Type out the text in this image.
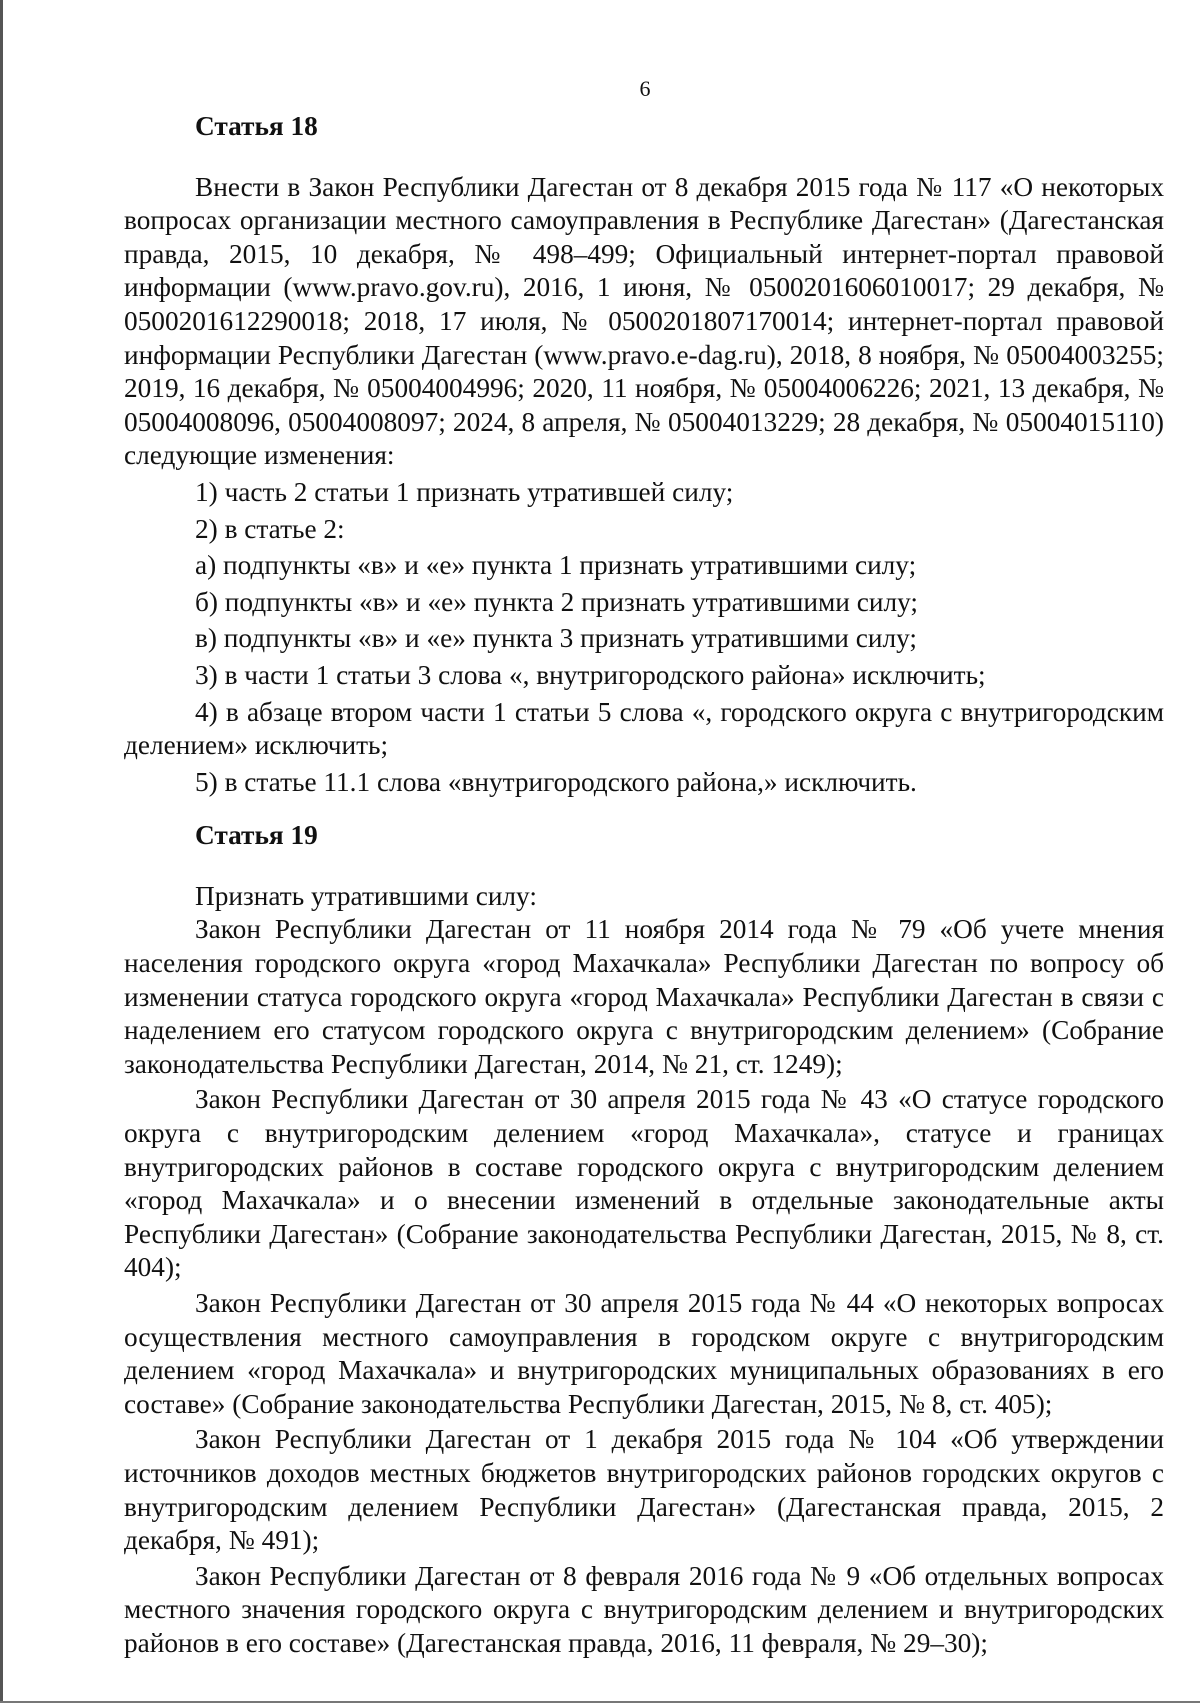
6
Статья 18

Внести в Закон Республики Дагестан от 8 декабря 2015 года № 117 «О некоторых вопросах организации местного самоуправления в Республике Дагестан» (Дагестанская правда, 2015, 10 декабря, № 498–499; Официальный интернет-портал правовой информации (www.pravo.gov.ru), 2016, 1 июня, № 0500201606010017; 29 декабря, № 0500201612290018; 2018, 17 июля, № 0500201807170014; интернет-портал правовой информации Республики Дагестан (www.pravo.e-dag.ru), 2018, 8 ноября, № 05004003255; 2019, 16 декабря, № 05004004996; 2020, 11 ноября, № 05004006226; 2021, 13 декабря, № 05004008096, 05004008097; 2024, 8 апреля, № 05004013229; 28 декабря, № 05004015110) следующие изменения:

1) часть 2 статьи 1 признать утратившей силу;

2) в статье 2:

а) подпункты «в» и «е» пункта 1 признать утратившими силу;

б) подпункты «в» и «е» пункта 2 признать утратившими силу;

в) подпункты «в» и «е» пункта 3 признать утратившими силу;

3) в части 1 статьи 3 слова «, внутригородского района» исключить;

4) в абзаце втором части 1 статьи 5 слова «, городского округа с внутригородским делением» исключить;

5) в статье 11.1 слова «внутригородского района,» исключить.

Статья 19

Признать утратившими силу:

Закон Республики Дагестан от 11 ноября 2014 года № 79 «Об учете мнения населения городского округа «город Махачкала» Республики Дагестан по вопросу об изменении статуса городского округа «город Махачкала» Республики Дагестан в связи с наделением его статусом городского округа с внутригородским делением» (Собрание законодательства Республики Дагестан, 2014, № 21, ст. 1249);

Закон Республики Дагестан от 30 апреля 2015 года № 43 «О статусе городского округа с внутригородским делением «город Махачкала», статусе и границах внутригородских районов в составе городского округа с внутригородским делением «город Махачкала» и о внесении изменений в отдельные законодательные акты Республики Дагестан» (Собрание законодательства Республики Дагестан, 2015, № 8, ст. 404);

Закон Республики Дагестан от 30 апреля 2015 года № 44 «О некоторых вопросах осуществления местного самоуправления в городском округе с внутригородским делением «город Махачкала» и внутригородских муниципальных образованиях в его составе» (Собрание законодательства Республики Дагестан, 2015, № 8, ст. 405);

Закон Республики Дагестан от 1 декабря 2015 года № 104 «Об утверждении источников доходов местных бюджетов внутригородских районов городских округов с внутригородским делением Республики Дагестан» (Дагестанская правда, 2015, 2 декабря, № 491);

Закон Республики Дагестан от 8 февраля 2016 года № 9 «Об отдельных вопросах местного значения городского округа с внутригородским делением и внутригородских районов в его составе» (Дагестанская правда, 2016, 11 февраля, № 29–30);
